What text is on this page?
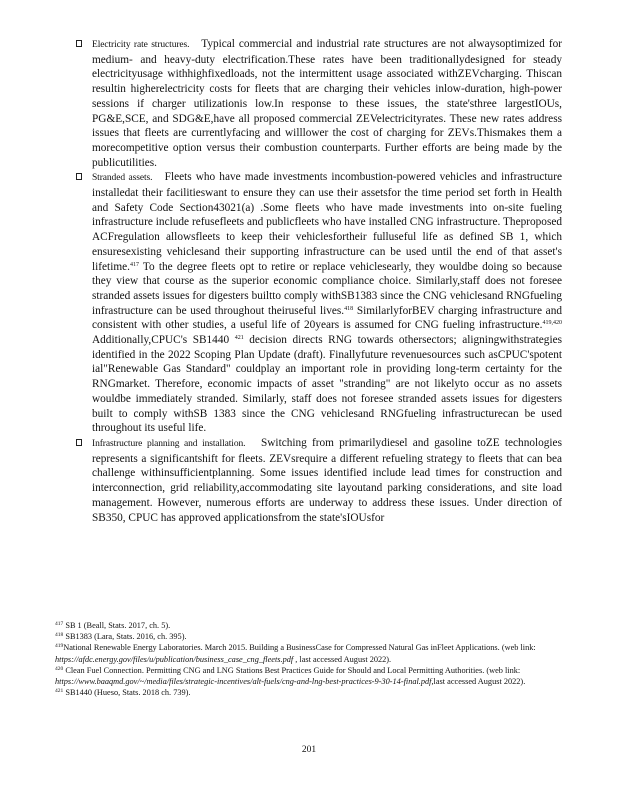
Electricity rate structures. Typical commercial and industrial rate structures are not alwaysoptimized for medium- and heavy-duty electrification.These rates have been traditionallydesigned for steady electricityusage withhighfixedloads, not the intermittent usage associated withZEVcharging. Thiscan resultin higherelectricity costs for fleets that are charging their vehicles inlow-duration, high-power sessions if charger utilizationis low.In response to these issues, the state'sthree largestIOUs, PG&E,SCE, and SDG&E,have all proposed commercial ZEVelectricityrates. These new rates address issues that fleets are currentlyfacing and willlower the cost of charging for ZEVs.Thismakes them a morecompetitive option versus their combustion counterparts. Further efforts are being made by the publicutilities.
Stranded assets. Fleets who have made investments incombustion-powered vehicles and infrastructure installedat their facilitieswant to ensure they can use their assetsfor the time period set forth in Health and Safety Code Section43021(a) .Some fleets who have made investments into on-site fueling infrastructure include refusefleets and publicfleets who have installed CNG infrastructure. Theproposed ACFregulation allowsfleets to keep their vehiclesfortheir fulluseful life as defined SB 1, which ensuresexisting vehiclesand their supporting infrastructure can be used until the end of that asset's lifetime.$^{417}$ To the degree fleets opt to retire or replace vehiclesearly, they wouldbe doing so because they view that course as the superior economic compliance choice. Similarly,staff does not foresee stranded assets issues for digesters builtto comply withSB1383 since the CNG vehiclesand RNGfueling infrastructure can be used throughout theiruseful lives.$^{418}$ SimilarlyforBEV charging infrastructure and consistent with other studies, a useful life of 20years is assumed for CNG fueling infrastructure.$^{419,420}$ Additionally,CPUC's SB1440 $^{421}$ decision directs RNG towards othersectors; aligningwithstrategies identified in the 2022 Scoping Plan Update (draft). Finallyfuture revenuesources such asCPUC'spotent ial"Renewable Gas Standard" couldplay an important role in providing long-term certainty for the RNGmarket. Therefore, economic impacts of asset "stranding" are not likelyto occur as no assets wouldbe immediately stranded. Similarly, staff does not foresee stranded assets issues for digesters built to comply withSB 1383 since the CNG vehiclesand RNGfueling infrastructurecan be used throughout its useful life.
Infrastructure planning and installation. Switching from primarilydiesel and gasoline toZE technologies represents a significantshift for fleets. ZEVsrequire a different refueling strategy to fleets that can bea challenge withinsufficientplanning. Some issues identified include lead times for construction and interconnection, grid reliability,accommodating site layoutand parking considerations, and site load management. However, numerous efforts are underway to address these issues. Under direction of SB350, CPUC has approved applicationsfrom the state'sIOUsfor

$^{417}$ SB 1 (Beall, Stats. 2017, ch. 5).

$^{418}$ SB1383 (Lara, Stats. 2016, ch. 395).

$^{419}$National Renewable Energy Laboratories. March 2015. Building a BusinessCase for Compressed Natural Gas inFleet Applications. (web link: https://afdc.energy.gov/files/u/publication/business_case_cng_fleets.pdf , last accessed August 2022).

$^{420}$ Clean Fuel Connection. Permitting CNG and LNG Stations Best Practices Guide for Should and Local Permitting Authorities. (web link: https://www.baaqmd.gov/~/media/files/strategic-incentives/alt-fuels/cng-and-lng-best-practices-9-30-14-final.pdf,last accessed August 2022).

$^{421}$ SB1440 (Hueso, Stats. 2018 ch. 739).

201
